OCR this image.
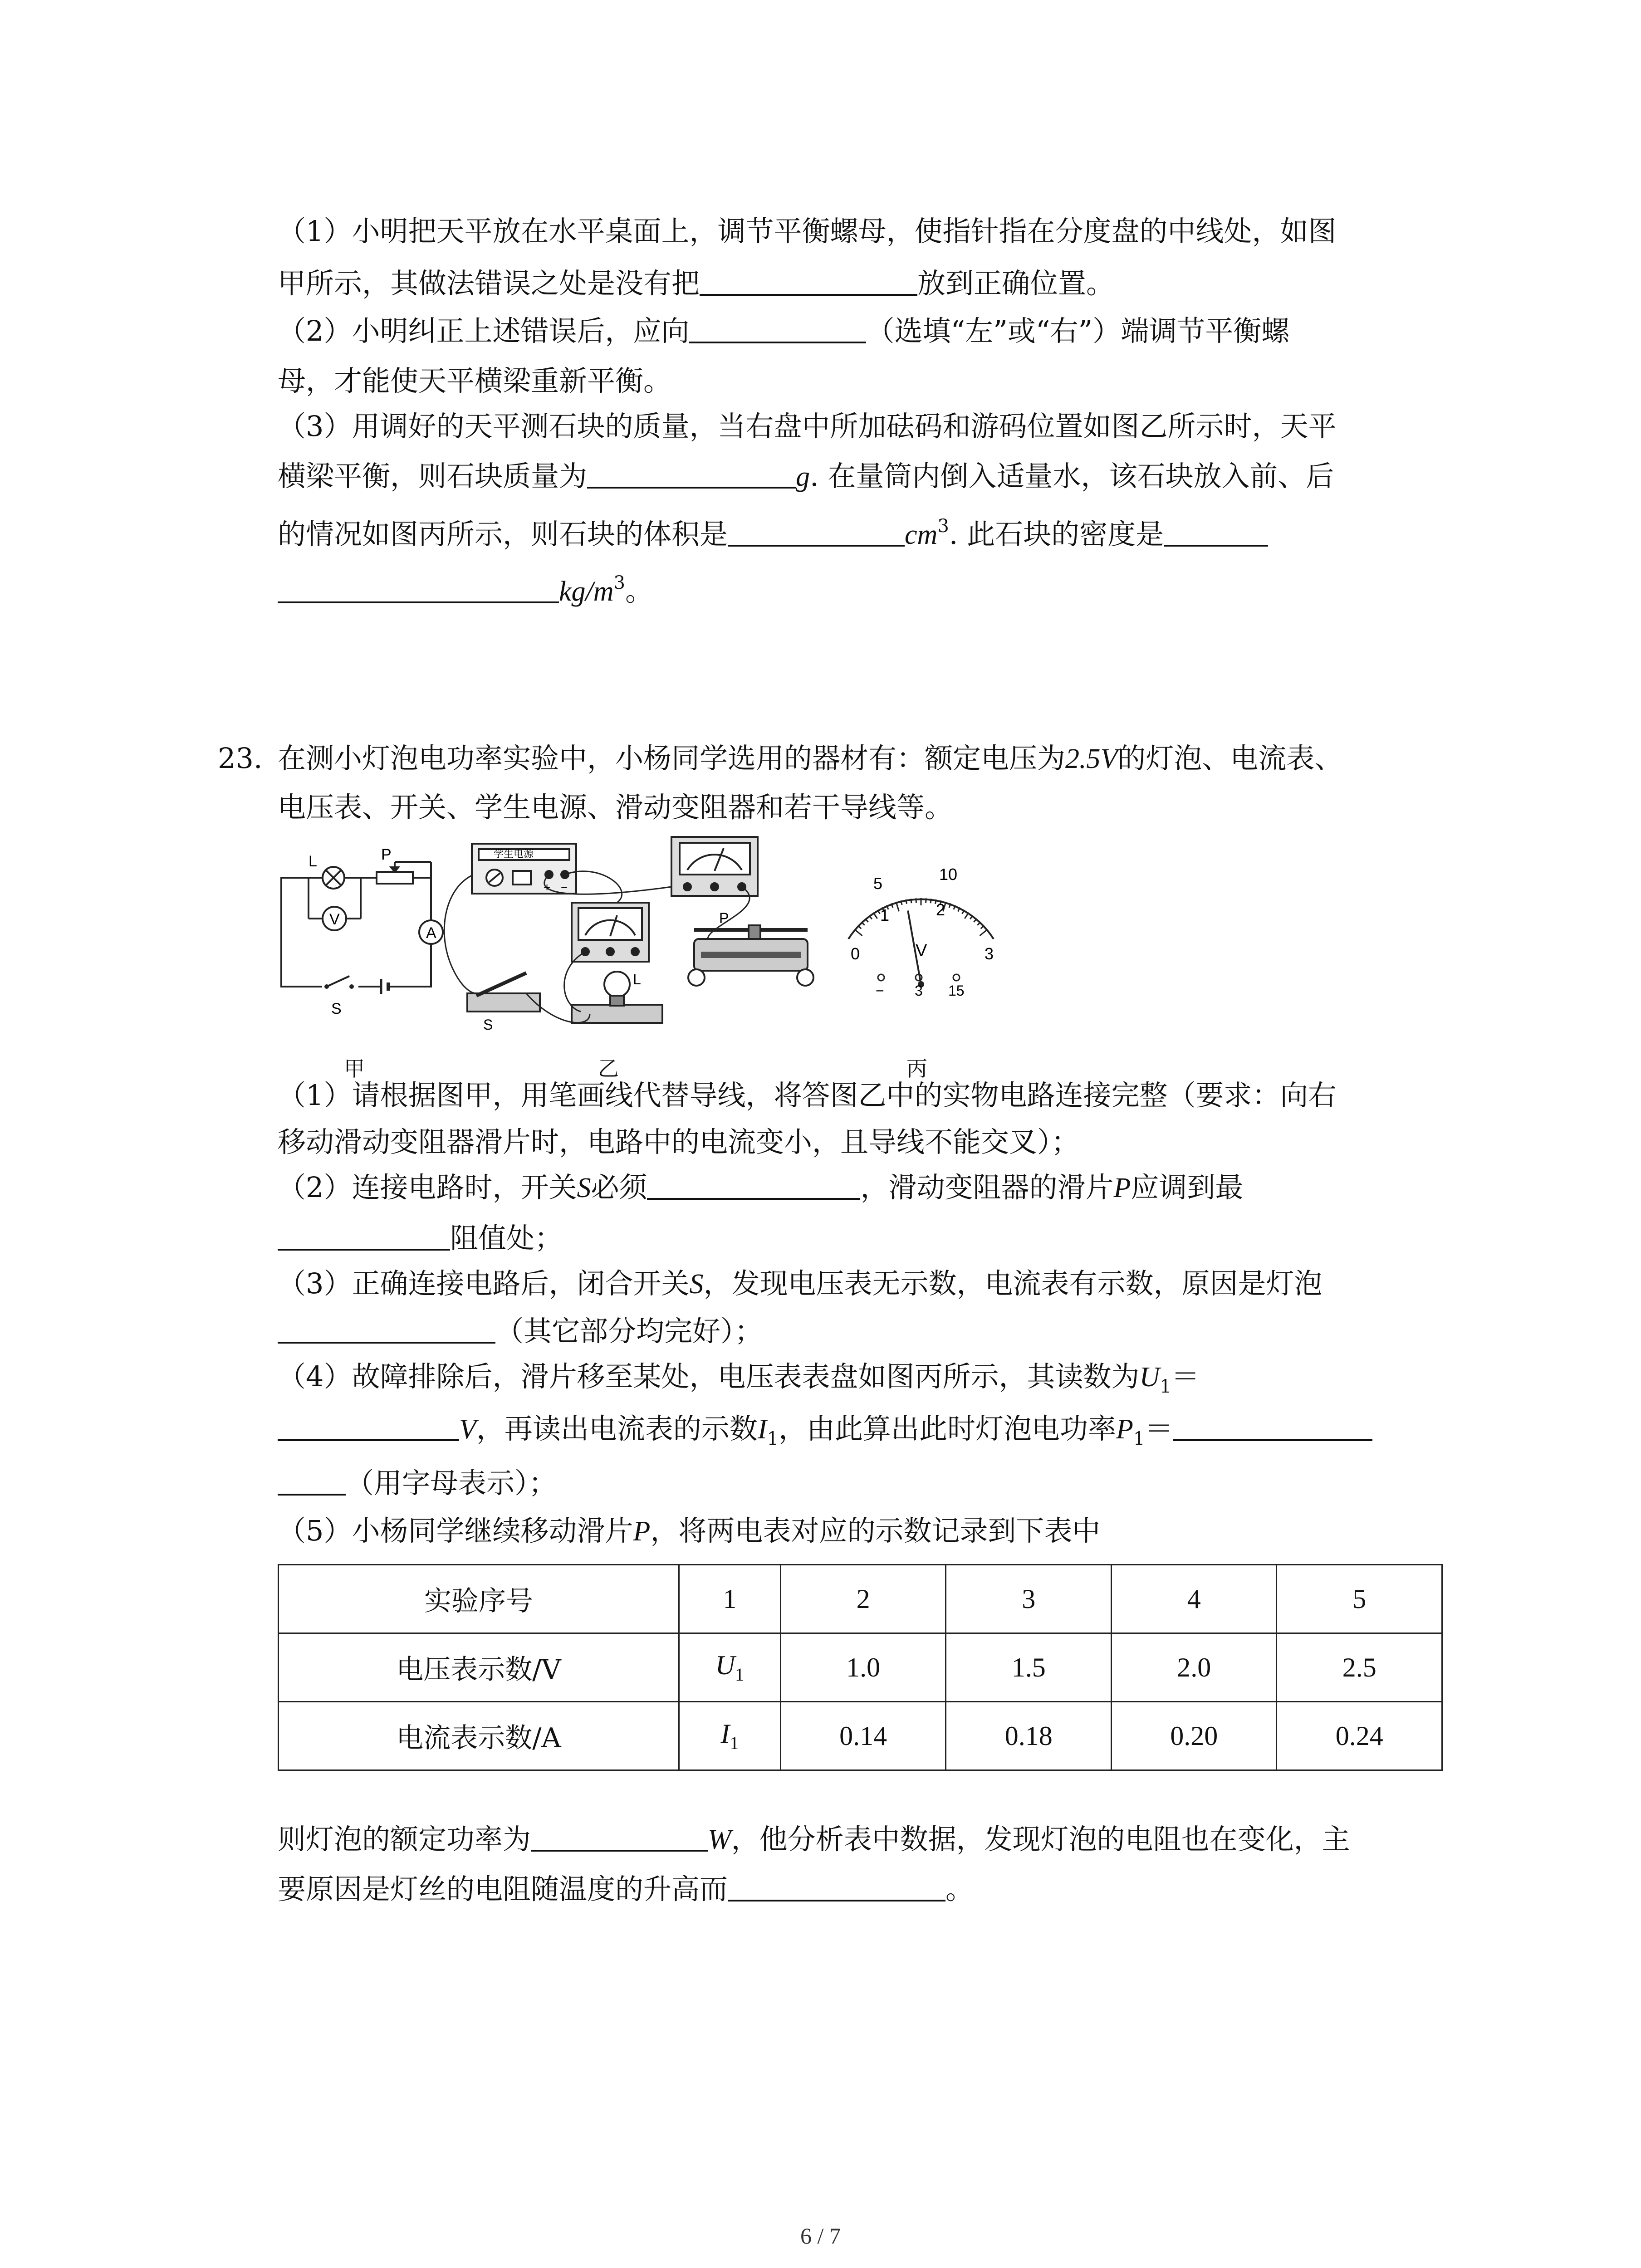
（1）小明把天平放在水平桌面上，调节平衡螺母，使指针指在分度盘的中线处，如图
甲所示，其做法错误之处是没有把	放到正确位置。
（2）小明纠正上述错误后，应向	（选填“左”或“右”）端调节平衡螺
母，才能使天平横梁重新平衡。
（3）用调好的天平测石块的质量，当右盘中所加砝码和游码位置如图乙所示时，天平
横梁平衡，则石块质量为	g. 在量筒内倒入适量水，该石块放入前、后
的情况如图丙所示，则石块的体积是	$cm^3$. 此石块的密度是
$kg/m^3$。
23. 在测小灯泡电功率实验中，小杨同学选用的器材有：额定电压为2.5V的灯泡、电流表、
电压表、开关、学生电源、滑动变阻器和若干导线等。
L	P
V
A
S
学生电源
+ −
P
L
S
5	10
0
1	2
3
V
− 3 15
甲	乙	丙
（1）请根据图甲，用笔画线代替导线，将答图乙中的实物电路连接完整（要求：向右
移动滑动变阻器滑片时，电路中的电流变小，且导线不能交叉）；
（2）连接电路时，开关S必须	，滑动变阻器的滑片P应调到最
阻值处；
（3）正确连接电路后，闭合开关S，发现电压表无示数，电流表有示数，原因是灯泡
（其它部分均完好）；
（4）故障排除后，滑片移至某处，电压表表盘如图丙所示，其读数为$U_1=$
V，再读出电流表的示数$I_1$，由此算出此时灯泡电功率$P_1=$
（用字母表示）；
（5）小杨同学继续移动滑片P，将两电表对应的示数记录到下表中
实验序号	1	2	3	4	5
电压表示数/V	$U_1$	1.0	1.5	2.0	2.5
电流表示数/A	$I_1$	0.14	0.18	0.20	0.24
则灯泡的额定功率为	W，他分析表中数据，发现灯泡的电阻也在变化，主
要原因是灯丝的电阻随温度的升高而	。
6 / 7
